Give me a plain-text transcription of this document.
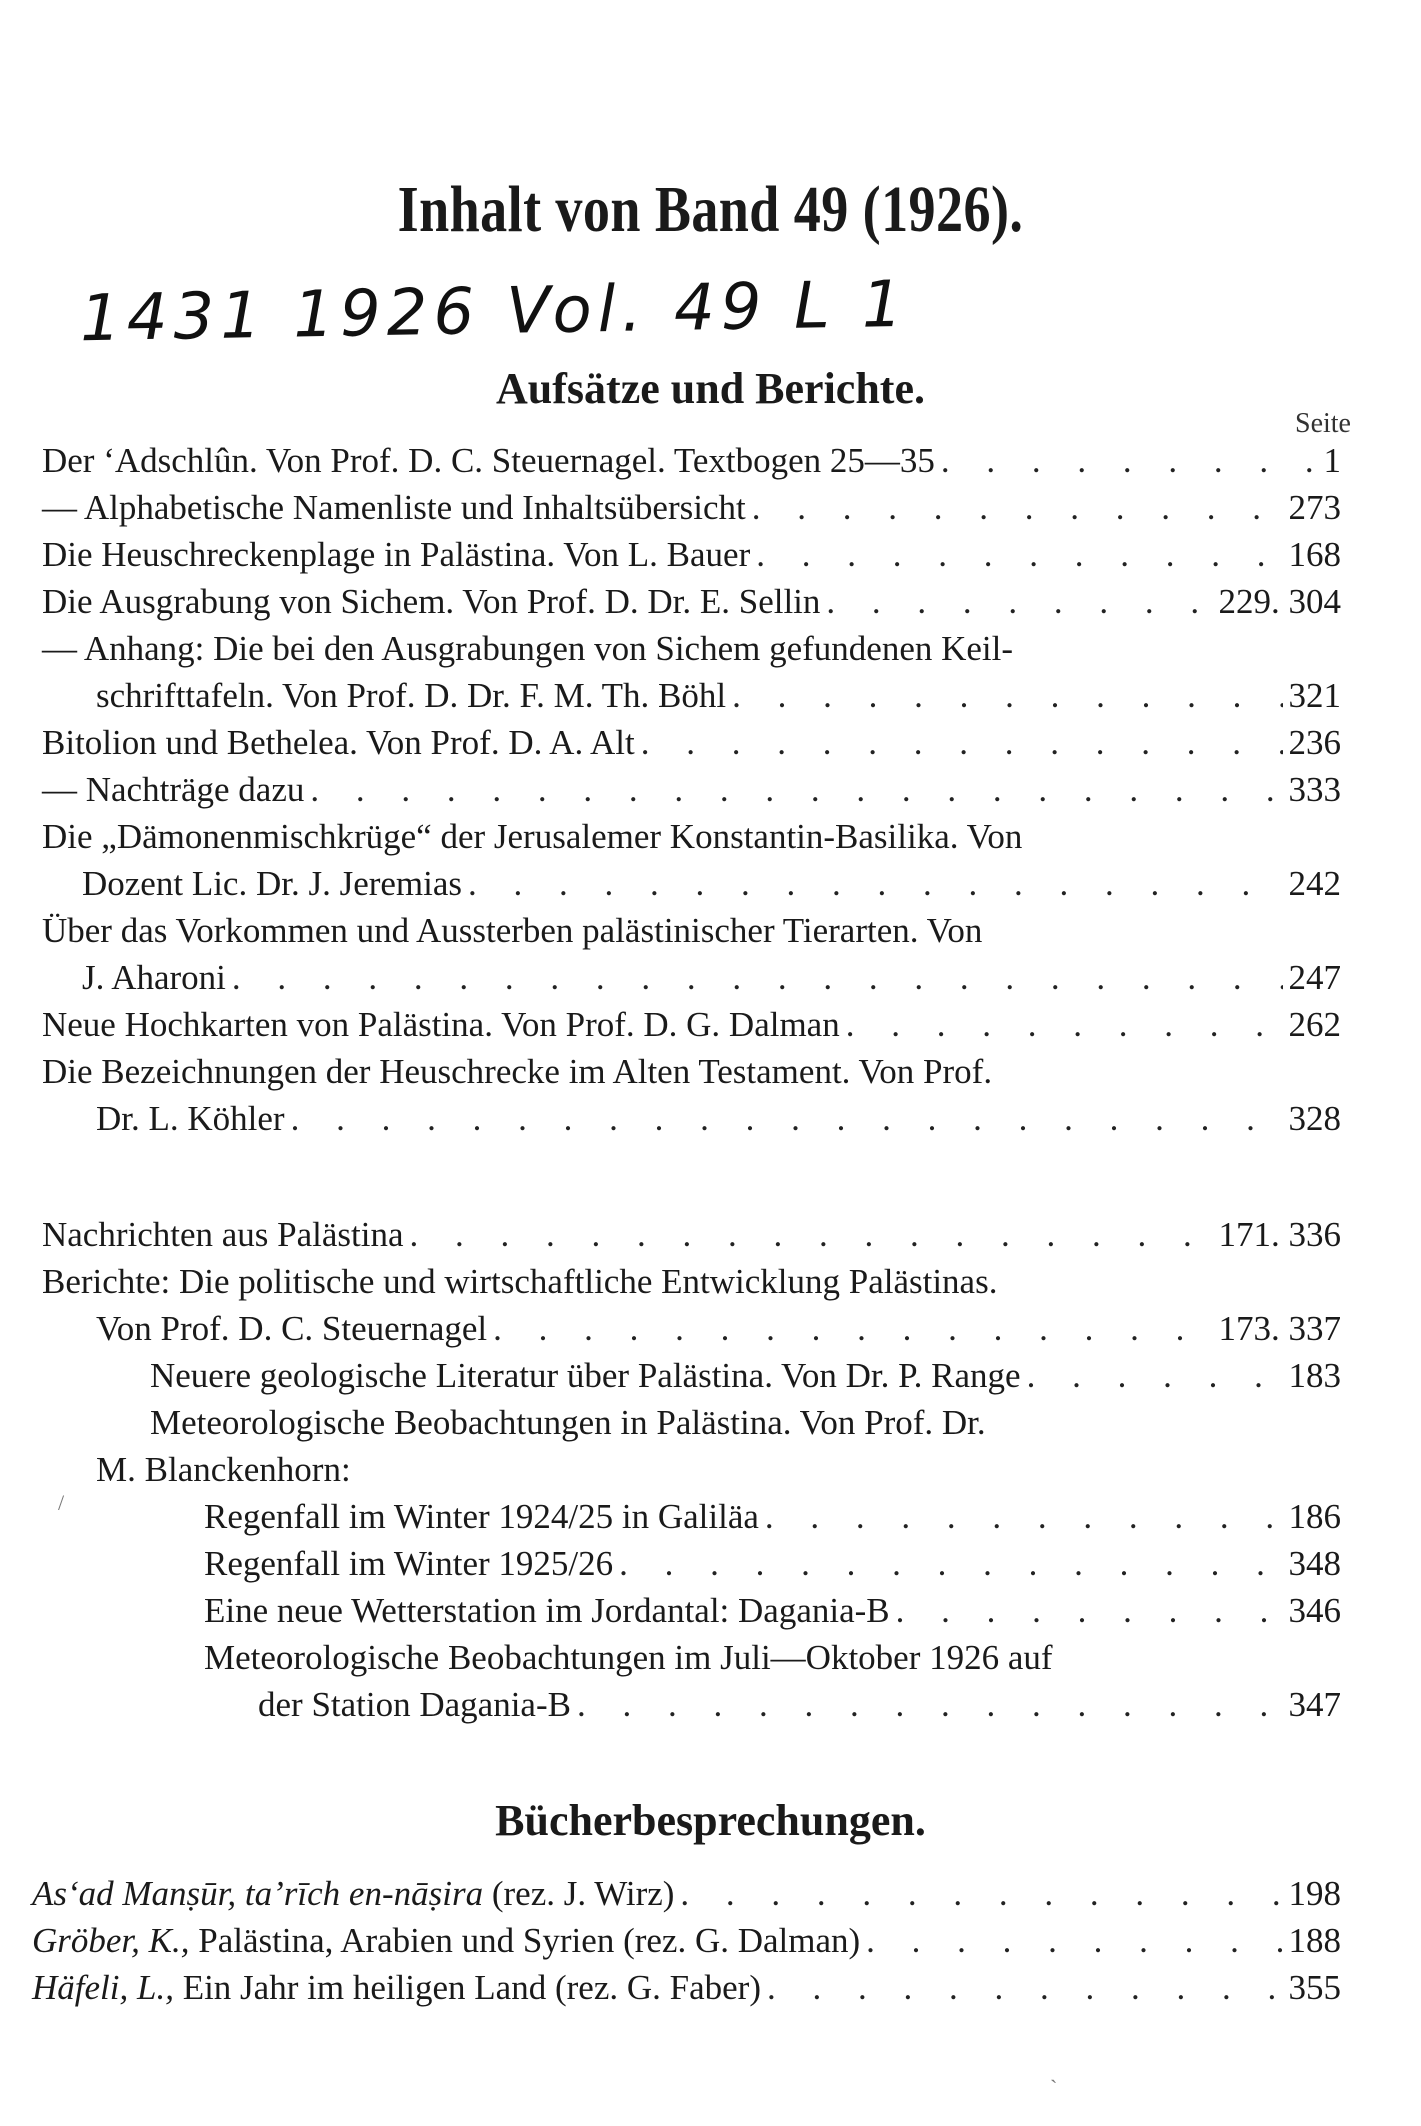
Inhalt von Band 49 (1926).
1431 1926 Vol. 49 L 1
Aufsätze und Berichte.
Seite
Der ‘Adschlûn. Von Prof. D. C. Steuernagel. Textbogen 25—35 . . .	1
— Alphabetische Namenliste und Inhaltsübersicht . . .	273
Die Heuschreckenplage in Palästina. Von L. Bauer . . .	168
Die Ausgrabung von Sichem. Von Prof. D. Dr. E. Sellin . . .	229. 304
— Anhang: Die bei den Ausgrabungen von Sichem gefundenen Keil-
schrifttafeln. Von Prof. D. Dr. F. M. Th. Böhl . . .	321
Bitolion und Bethelea. Von Prof. D. A. Alt . . .	236
— Nachträge dazu . . .	333
Die „Dämonenmischkrüge“ der Jerusalemer Konstantin-Basilika. Von
Dozent Lic. Dr. J. Jeremias . . .	242
Über das Vorkommen und Aussterben palästinischer Tierarten. Von
J. Aharoni . . .	247
Neue Hochkarten von Palästina. Von Prof. D. G. Dalman . . .	262
Die Bezeichnungen der Heuschrecke im Alten Testament. Von Prof.
Dr. L. Köhler . . .	328
Nachrichten aus Palästina . . .	171. 336
Berichte: Die politische und wirtschaftliche Entwicklung Palästinas.
Von Prof. D. C. Steuernagel . . .	173. 337
Neuere geologische Literatur über Palästina. Von Dr. P. Range . . .	183
Meteorologische Beobachtungen in Palästina. Von Prof. Dr.
M. Blanckenhorn:
Regenfall im Winter 1924/25 in Galiläa . . .	186
Regenfall im Winter 1925/26 . . .	348
Eine neue Wetterstation im Jordantal: Dagania-B . . .	346
Meteorologische Beobachtungen im Juli—Oktober 1926 auf
der Station Dagania-B . . .	347
Bücherbesprechungen.
As‘ad Manṣūr, ta’rīch en-nāṣira
(rez. J. Wirz) . . .	198
Gröber, K.,
Palästina, Arabien und Syrien (rez. G. Dalman) . . .	188
Häfeli, L.,
Ein Jahr im heiligen Land (rez. G. Faber) . . .	355
/
`
